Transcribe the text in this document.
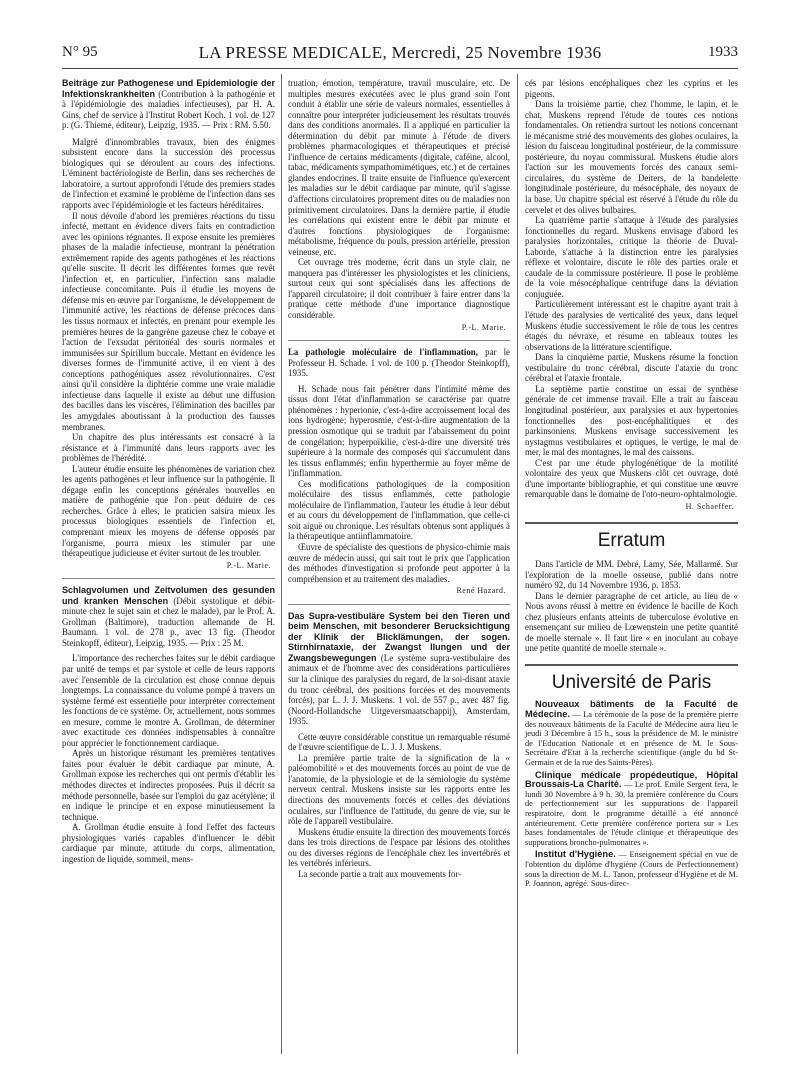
N° 95	LA PRESSE MEDICALE, Mercredi, 25 Novembre 1936	1933

Beiträge zur Pathogenese und Epidemiologie der Infektionskrankheiten (Contribution à la pathogénie et à l'épidémiologie des maladies infectieuses), par H. A. Gins, chef de service à l'Institut Robert Koch. 1 vol. de 127 p. (G. Thieme, éditeur), Leipzig, 1935. — Prix : RM. 5.50.

Malgré d'innombrables travaux, bien des énigmes subsistent encore dans la succession des processus biologiques qui se déroulent au cours des infections. L'éminent bactériologiste de Berlin, dans ses recherches de laboratoire, a surtout approfondi l'étude des premiers stades de l'infection et examiné le problème de l'infection dans ses rapports avec l'épidémiologie et les facteurs héréditaires.

Il nous dévoile d'abord les premières réactions du tissu infecté, mettant en évidence divers faits en contradiction avec les opinions régnantes. Il expose ensuite les premières phases de la maladie infectieuse, montrant la pénétration extrêmement rapide des agents pathogènes et les réactions qu'elle suscite. Il décrit les différentes formes que revêt l'infection et, en particulier, l'infection sans maladie infectieuse concomitante. Puis il étudie les moyens de défense mis en œuvre par l'organisme, le développement de l'immunité active, les réactions de défense précoces dans les tissus normaux et infectés, en prenant pour exemple les premières heures de la gangrène gazeuse chez le cobaye et l'action de l'exsudat péritonéal des souris normales et immunisées sur Spirillum buccale. Mettant en évidence les diverses formes de l'immunité active, il en vient à des conceptions pathogéniques assez révolutionnaires. C'est ainsi qu'il considère la diphtérie comme une vraie maladie infectieuse dans laquelle il existe au début une diffusion des bacilles dans les viscères, l'élimination des bacilles par les amygdales aboutissant à la production des fausses membranes.

Un chapitre des plus intéressants est consacré à la résistance et à l'immunité dans leurs rapports avec les problèmes de l'hérédité.

L'auteur étudie ensuite les phénomènes de variation chez les agents pathogènes et leur influence sur la pathogénie. Il dégage enfin les conceptions générales nouvelles en matière de pathogénie que l'on peut déduire de ces recherches. Grâce à elles, le praticien saisira mieux les processus biologiques essentiels de l'infection et, comprenant mieux les moyens de défense opposés par l'organisme, pourra mieux les stimuler par une thérapeutique judicieuse et éviter surtout de les troubler.

P.-L. Marie.

Schlagvolumen und Zeitvolumen des gesunden und kranken Menschen (Débit systolique et débit-minute chez le sujet sain et chez le malade), par le Prof. A. Grollman (Baltimore), traduction allemande de H. Baumann. 1 vol. de 278 p., avec 13 fig. (Theodor Steinkopff, éditeur), Leipzig, 1935. — Prix : 25 M.

L'importance des recherches faites sur le débit cardiaque par unité de temps et par systole et celle de leurs rapports avec l'ensemble de la circulation est chose connue depuis longtemps. La connaissance du volume pompé à travers un système fermé est essentielle pour interpréter correctement les fonctions de ce système. Or, actuellement, nous sommes en mesure, comme le montre A. Grollman, de déterminer avec exactitude ces données indispensables à connaître pour apprécier le fonctionnement cardiaque.

Après un historique résumant les premières tentatives faites pour évaluer le débit cardiaque par minute, A. Grollman expose les recherches qui ont permis d'établir les méthodes directes et indirectes proposées. Puis il décrit sa méthode personnelle, basée sur l'emploi du gaz acétylène; il en indique le principe et en expose minutieusement la technique.

A. Grollman étudie ensuite à fond l'effet des facteurs physiologiques variés capables d'influencer le débit cardiaque par minute, attitude du corps, alimentation, ingestion de liquide, sommeil, mens-

truation, émotion, température, travail musculaire, etc. De multiples mesures exécutées avec le plus grand soin l'ont conduit à établir une série de valeurs normales, essentielles à connaître pour interpréter judicieusement les résultats trouvés dans des conditions anormales. Il a appliqué en particulier la détermination du débit par minute à l'étude de divers problèmes pharmacologiques et thérapeutiques et précisé l'influence de certains médicaments (digitale, caféine, alcool, tabac, médicaments sympathomimétiques, etc.) et de certaines glandes endocrines. Il traite ensuite de l'influence qu'exercent les maladies sur le débit cardiaque par minute, qu'il s'agisse d'affections circulatoires proprement dites ou de maladies non primitivement circulatoires. Dans la dernière partie, il étudie les corrélations qui existent entre le débit par minute et d'autres fonctions physiologiques de l'organisme: métabolisme, fréquence du pouls, pression artérielle, pression veineuse, etc.

Cet ouvrage très moderne, écrit dans un style clair, ne manquera pas d'intéresser les physiologistes et les cliniciens, surtout ceux qui sont spécialisés dans les affections de l'appareil circulatoire; il doit contribuer à faire entrer dans la pratique cette méthode d'une importance diagnostique considérable.

P.-L. Marie.

La pathologie moléculaire de l'inflammation, par le Professeur H. Schade. 1 vol. de 100 p. (Theodor Steinkopff), 1935.

H. Schade nous fait pénétrer dans l'intimité même des tissus dont l'état d'inflammation se caractérise par quatre phénomènes : hyperionie, c'est-à-dire accroissement local des ions hydrogène; hyperosmie, c'est-à-dire augmentation de la pression osmotique qui se traduit par l'abaissement du point de congélation; hyperpoïkilie, c'est-à-dire une diversité très supérieure à la normale des composés qui s'accumulent dans les tissus enflammés; enfin hyperthermie au foyer même de l'inflammation.

Ces modifications pathologiques de la composition moléculaire des tissus enflammés, cette pathologie moléculaire de l'inflammation, l'auteur les étudie à leur début et au cours du développement de l'inflammation, que celle-ci soit aiguë ou chronique. Les résultats obtenus sont appliqués à la thérapeutique antiinflammatoire.

Œuvre de spécialiste des questions de physico-chimie mais œuvre de médecin aussi, qui sait tout le prix que l'application des méthodes d'investigation si profonde peut apporter à la compréhension et au traitement des maladies.

René Hazard.

Das Supra-vestibuläre System bei den Tieren und beim Menschen, mit besonderer Berucksichtigung der Klinik der Blicklämungen, der sogen. Stirnhirnataxie, der Zwangst llungen und der Zwangsbewegungen (Le système supra-vestibulaire des animaux et de l'homme avec des considérations particulières sur la clinique des paralysies du regard, de la soi-disant ataxie du tronc cérébral, des positions forcées et des mouvements forcés), par L. J. J. Muskens. 1 vol. de 557 p., avec 487 fig. (Noord-Hollandsche Uitgeversmaatschappij), Amsterdam, 1935.

Cette œuvre considérable constitue un remarquable résumé de l'œuvre scientifique de L. J. J. Muskens.

La première partie traite de la signification de la « paléomobilité » et des mouvements forcés au point de vue de l'anatomie, de la physiologie et de la sémiologie du système nerveux central. Muskens insiste sur les rapports entre les directions des mouvements forcés et celles des déviations oculaires, sur l'influence de l'attitude, du genre de vie, sur le rôle de l'appareil vestibulaire.

Muskens étudie ensuite la direction des mouvements forcés dans les trois directions de l'espace par lésions des otolithes ou des diverses régions de l'encéphale chez les invertébrés et les vertébrés inférieurs.

La seconde partie a trait aux mouvements for-

cés par lésions encéphaliques chez les cyprins et les pigeons.

Dans la troisième partie, chez l'homme, le lapin, et le chat, Muskens reprend l'étude de toutes ces notions fondamentales. On retiendra surtout les notions concernant le mécanisme strié des mouvements des globes oculaires, la lésion du faisceau longitudinal postérieur, de la commissure postérieure, du noyau commissural. Muskens étudie alors l'action sur les mouvements forcés des canaux semi-circulaires, du système de Deiters, de la bandelette longitudinale postérieure, du mésocéphale, des noyaux de la base. Un chapitre spécial est réservé à l'étude du rôle du cervelet et des olives bulbaires.

La quatrième partie s'attaque à l'étude des paralysies fonctionnelles du regard. Muskens envisage d'abord les paralysies horizontales, critique la théorie de Duval-Laborde, s'attache à la distinction entre les paralysies réflexe et volontaire, discute le rôle des parties orale et caudale de la commissure postérieure. Il pose le problème de la voie mésocéphalique centrifuge dans la déviation conjuguée.

Particulièrement intéressant est le chapitre ayant trait à l'étude des paralysies de verticalité des yeux, dans lequel Muskens étudie successivement le rôle de tous les centres étagés du névraxe, et résume en tableaux toutes les observations de la littérature scientifique.

Dans la cinquième partie, Muskens résume la fonction vestibulaire du tronc cérébral, discute l'ataxie du tronc cérébral et l'ataxie frontale.

La septième partie constitue un essai de synthèse générale de cet immense travail. Elle a trait au faisceau longitudinal postérieur, aux paralysies et aux hypertonies fonctionnelles des post-encéphalitiques et des parkinsoniens. Muskens envisage successivement les nystagmus vestibulaires et optiques, le vertige, le mal de mer, le mal des montagnes, le mal des caissons.

C'est par une étude phylogénétique de la motilité volontaire des yeux que Muskens clôt cet ouvrage, doté d'une importante bibliographie, et qui constitue une œuvre remarquable dans le domaine de l'oto-neuro-ophtalmologie.

H. Schaeffer.
Erratum

Dans l'article de MM. Debré, Lamy, Sée, Mallarmé. Sur l'exploration de la moelle osseuse, publié dans notre numéro 92, du 14 Novembre 1936, p. 1853.

Dans le dernier paragraphe de cet article, au lieu de « Nous avons réussi à mettre en évidence le bacille de Koch chez plusieurs enfants atteints de tuberculose évolutive en ensemençant sur milieu de Lœwenstein une petite quantité de moelle sternale ». Il faut lire « en inoculant au cobaye une petite quantité de moelle sternale ».

Université de Paris

Nouveaux bâtiments de la Faculté de Médecine. — La cérémonie de la pose de la première pierre des nouveaux bâtiments de la Faculté de Médecine aura lieu le jeudi 3 Décembre à 15 h., sous la présidence de M. le ministre de l'Education Nationale et en présence de M. le Sous-Secrétaire d'Etat à la recherche scientifique (angle du bd St-Germain et de la rue des Saints-Pères).

Clinique médicale propédeutique, Hôpital Broussais-La Charité. — Le prof. Emile Sergent fera, le lundi 30 Novembre à 9 h. 30, la première conférence du Cours de perfectionnement sur les suppurations de l'appareil respiratoire, dont le programme détaillé a été annoncé antérieurement. Cette première conférence portera sur « Les bases fondamentales de l'étude clinique et thérapeutique des suppurations broncho-pulmonaires ».

Institut d'Hygiène. — Enseignement spécial en vue de l'obtention du diplôme d'hygiène (Cours de Perfectionnement) sous la direction de M. L. Tanon, professeur d'Hygiène et de M. P. Joannon, agrégé. Sous-direc-
